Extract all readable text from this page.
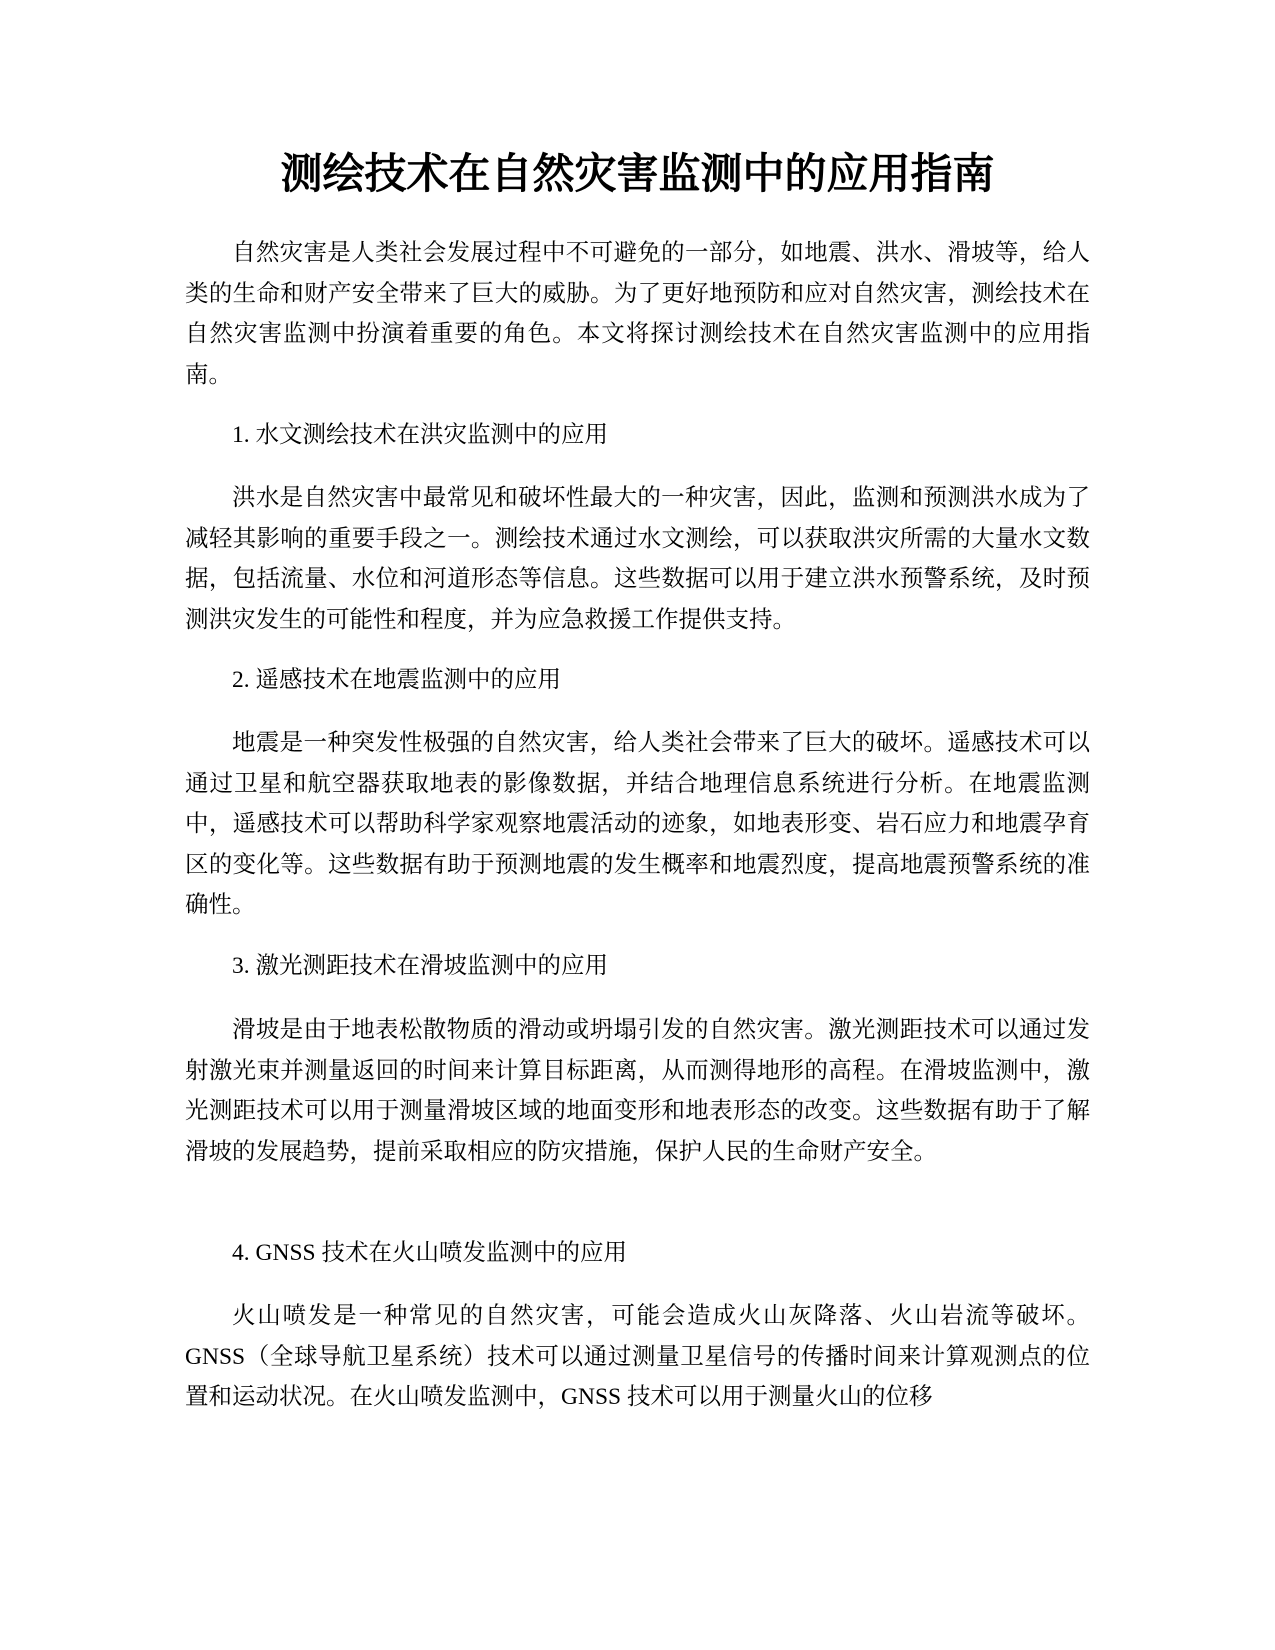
测绘技术在自然灾害监测中的应用指南

自然灾害是人类社会发展过程中不可避免的一部分，如地震、洪水、滑坡等，给人类的生命和财产安全带来了巨大的威胁。为了更好地预防和应对自然灾害，测绘技术在自然灾害监测中扮演着重要的角色。本文将探讨测绘技术在自然灾害监测中的应用指南。

1. 水文测绘技术在洪灾监测中的应用

洪水是自然灾害中最常见和破坏性最大的一种灾害，因此，监测和预测洪水成为了减轻其影响的重要手段之一。测绘技术通过水文测绘，可以获取洪灾所需的大量水文数据，包括流量、水位和河道形态等信息。这些数据可以用于建立洪水预警系统，及时预测洪灾发生的可能性和程度，并为应急救援工作提供支持。

2. 遥感技术在地震监测中的应用

地震是一种突发性极强的自然灾害，给人类社会带来了巨大的破坏。遥感技术可以通过卫星和航空器获取地表的影像数据，并结合地理信息系统进行分析。在地震监测中，遥感技术可以帮助科学家观察地震活动的迹象，如地表形变、岩石应力和地震孕育区的变化等。这些数据有助于预测地震的发生概率和地震烈度，提高地震预警系统的准确性。

3. 激光测距技术在滑坡监测中的应用

滑坡是由于地表松散物质的滑动或坍塌引发的自然灾害。激光测距技术可以通过发射激光束并测量返回的时间来计算目标距离，从而测得地形的高程。在滑坡监测中，激光测距技术可以用于测量滑坡区域的地面变形和地表形态的改变。这些数据有助于了解滑坡的发展趋势，提前采取相应的防灾措施，保护人民的生命财产安全。

4. GNSS 技术在火山喷发监测中的应用

火山喷发是一种常见的自然灾害，可能会造成火山灰降落、火山岩流等破坏。GNSS（全球导航卫星系统）技术可以通过测量卫星信号的传播时间来计算观测点的位置和运动状况。在火山喷发监测中，GNSS 技术可以用于测量火山的位移
